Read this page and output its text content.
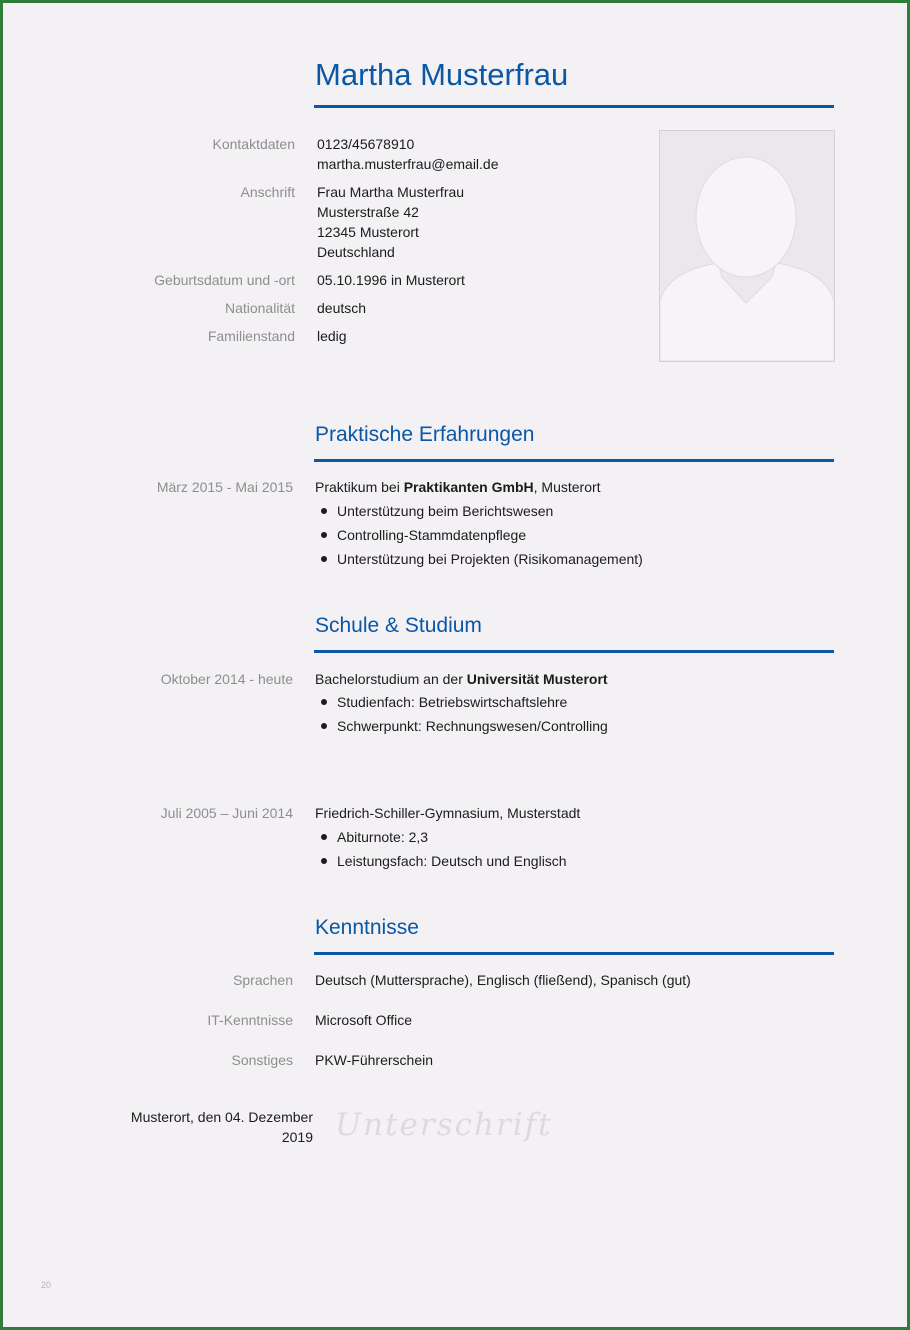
Martha Musterfrau
Kontaktdaten 0123/45678910
martha.musterfrau@email.de
Anschrift Frau Martha Musterfrau
Musterstraße 42
12345 Musterort
Deutschland
Geburtsdatum und -ort 05.10.1996 in Musterort
Nationalität deutsch
Familienstand ledig
Praktische Erfahrungen
März 2015 - Mai 2015 Praktikum bei Praktikanten GmbH, Musterort
Unterstützung beim Berichtswesen
Controlling-Stammdatenpflege
Unterstützung bei Projekten (Risikomanagement)
Schule & Studium
Oktober 2014 - heute Bachelorstudium an der Universität Musterort
Studienfach: Betriebswirtschaftslehre
Schwerpunkt: Rechnungswesen/Controlling
Juli 2005 – Juni 2014 Friedrich-Schiller-Gymnasium, Musterstadt
Abiturnote: 2,3
Leistungsfach: Deutsch und Englisch
Kenntnisse
Sprachen Deutsch (Muttersprache), Englisch (fließend), Spanisch (gut)
IT-Kenntnisse Microsoft Office
Sonstiges PKW-Führerschein
Musterort, den 04. Dezember
2019 Unterschrift
20
